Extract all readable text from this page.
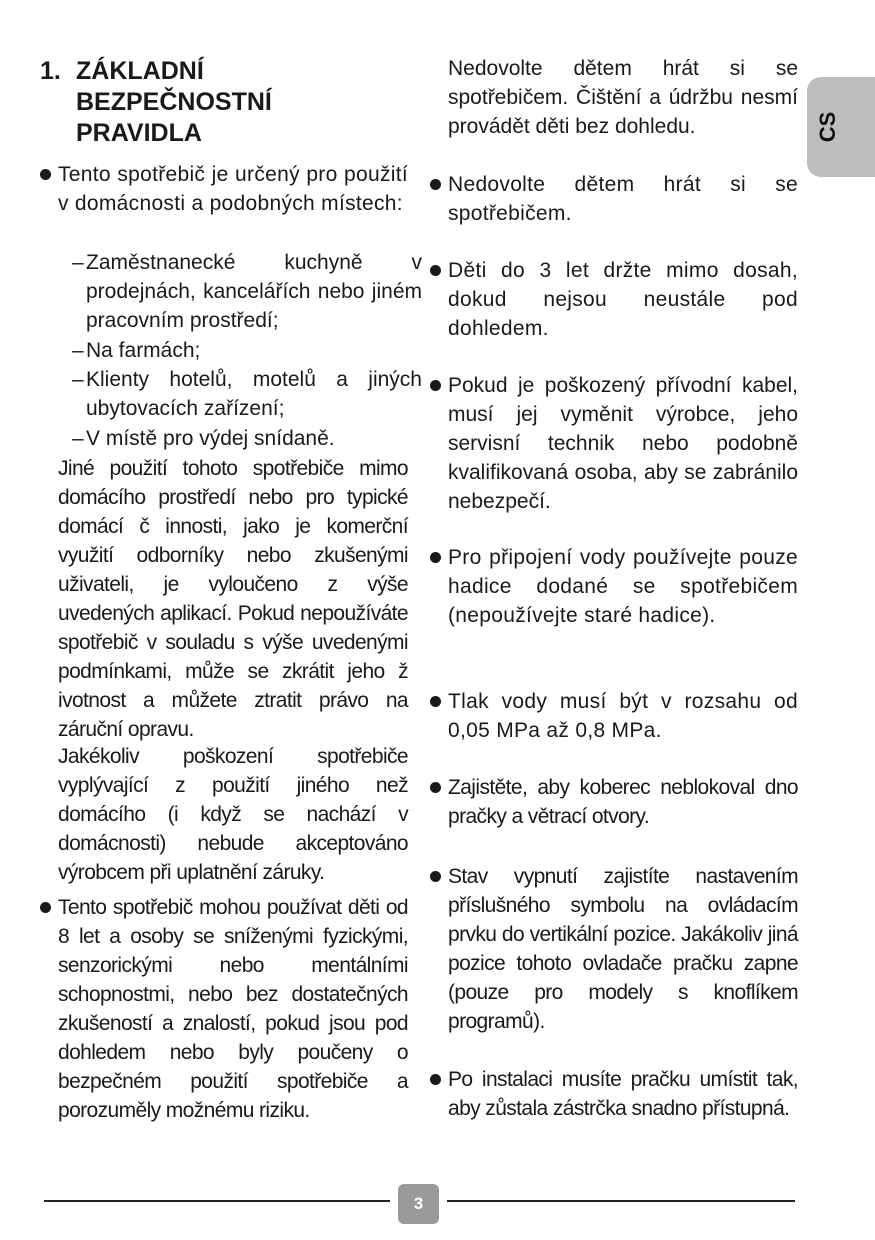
1. ZÁKLADNÍ
BEZPEČNOSTNÍ
PRAVIDLA	CS

Tento spotřebič je určený pro použití v domácnosti a podobných místech:

– Zaměstnanecké kuchyně v prodejnách, kancelářích nebo jiném pracovním prostředí;
– Na farmách;
– Klienty hotelů, motelů a jiných ubytovacích zařízení;
– V místě pro výdej snídaně.

Jiné použití tohoto spotřebiče mimo domácího prostředí nebo pro typické domácí č innosti, jako je komerční využití odborníky nebo zkušenými uživateli, je vyloučeno z výše uvedených aplikací. Pokud nepoužíváte spotřebič v souladu s výše uvedenými podmínkami, může se zkrátit jeho ž ivotnost a můžete ztratit právo na záruční opravu.

Jakékoliv poškození spotřebiče vyplývající z použití jiného než domácího (i když se nachází v domácnosti) nebude akceptováno výrobcem při uplatnění záruky.

Tento spotřebič mohou používat děti od 8 let a osoby se sníženými fyzickými, senzorickými nebo mentálními schopnostmi, nebo bez dostatečných zkušeností a znalostí, pokud jsou pod dohledem nebo byly poučeny o bezpečném použití spotřebiče a porozuměly možnému riziku.

Nedovolte dětem hrát si se spotřebičem. Čištění a údržbu nesmí provádět děti bez dohledu.

Nedovolte dětem hrát si se spotřebičem.

Děti do 3 let držte mimo dosah, dokud nejsou neustále pod dohledem.

Pokud je poškozený přívodní kabel, musí jej vyměnit výrobce, jeho servisní technik nebo podobně kvalifikovaná osoba, aby se zabránilo nebezpečí.

Pro připojení vody používejte pouze hadice dodané se spotřebičem (nepoužívejte staré hadice).

Tlak vody musí být v rozsahu od 0,05 MPa až 0,8 MPa.

Zajistěte, aby koberec neblokoval dno pračky a větrací otvory.

Stav vypnutí zajistíte nastavením příslušného symbolu na ovládacím prvku do vertikální pozice. Jakákoliv jiná pozice tohoto ovladače pračku zapne (pouze pro modely s knoflíkem programů).

Po instalaci musíte pračku umístit tak, aby zůstala zástrčka snadno přístupná.

3
